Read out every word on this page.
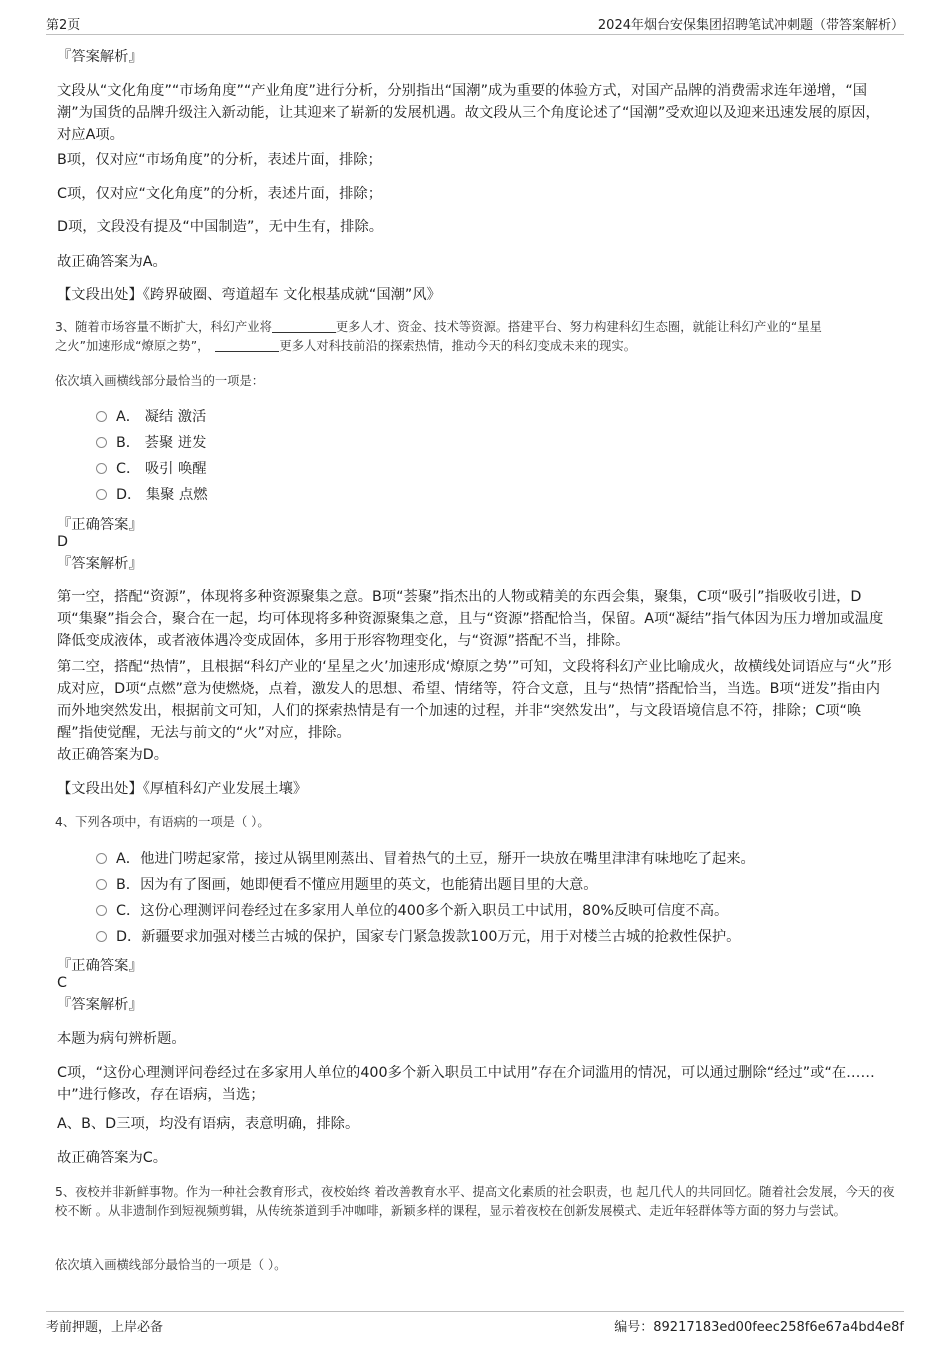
第2页	2024年烟台安保集团招聘笔试冲刺题（带答案解析）
『答案解析』
文段从“文化角度”“市场角度”“产业角度”进行分析，分别指出“国潮”成为重要的体验方式，对国产品牌的消费需求连年递增，“国潮”为国货的品牌升级注入新动能，让其迎来了崭新的发展机遇。故文段从三个角度论述了“国潮”受欢迎以及迎来迅速发展的原因，对应A项。
B项，仅对应“市场角度”的分析，表述片面，排除；
C项，仅对应“文化角度”的分析，表述片面，排除；
D项，文段没有提及“中国制造”，无中生有，排除。
故正确答案为A。
【文段出处】《跨界破圈、弯道超车 文化根基成就“国潮”风》
3、随着市场容量不断扩大，科幻产业将	更多人才、资金、技术等资源。搭建平台、努力构建科幻生态圈，就能让科幻产业的“星星
之火”加速形成“燎原之势”，	更多人对科技前沿的探索热情，推动今天的科幻变成未来的现实。
依次填入画横线部分最恰当的一项是：
A． 凝结 激活
B． 荟聚 迸发
C． 吸引 唤醒
D． 集聚 点燃
『正确答案』
D
『答案解析』
第一空，搭配“资源”，体现将多种资源聚集之意。B项“荟聚”指杰出的人物或精美的东西会集，聚集，C项“吸引”指吸收引进，D项“集聚”指会合，聚合在一起，均可体现将多种资源聚集之意，且与“资源”搭配恰当，保留。A项“凝结”指气体因为压力增加或温度降低变成液体，或者液体遇冷变成固体，多用于形容物理变化，与“资源”搭配不当，排除。
第二空，搭配“热情”，且根据“科幻产业的‘星星之火’加速形成‘燎原之势’”可知，文段将科幻产业比喻成火，故横线处词语应与“火”形成对应，D项“点燃”意为使燃烧，点着，激发人的思想、希望、情绪等，符合文意，且与“热情”搭配恰当，当选。B项“迸发”指由内而外地突然发出，根据前文可知，人们的探索热情是有一个加速的过程，并非“突然发出”，与文段语境信息不符，排除；C项“唤醒”指使觉醒，无法与前文的“火”对应，排除。
故正确答案为D。
【文段出处】《厚植科幻产业发展土壤》
4、下列各项中，有语病的一项是（ ）。
A．他进门唠起家常，接过从锅里刚蒸出、冒着热气的土豆，掰开一块放在嘴里津津有味地吃了起来。
B．因为有了图画，她即便看不懂应用题里的英文，也能猜出题目里的大意。
C．这份心理测评问卷经过在多家用人单位的400多个新入职员工中试用，80%反映可信度不高。
D．新疆要求加强对楼兰古城的保护，国家专门紧急拨款100万元，用于对楼兰古城的抢救性保护。
『正确答案』
C
『答案解析』
本题为病句辨析题。
C项，“这份心理测评问卷经过在多家用人单位的400多个新入职员工中试用”存在介词滥用的情况，可以通过删除“经过”或“在……中”进行修改，存在语病，当选；
A、B、D三项，均没有语病，表意明确，排除。
故正确答案为C。
5、夜校并非新鲜事物。作为一种社会教育形式，夜校始终 着改善教育水平、提高文化素质的社会职责，也 起几代人的共同回忆。随着社会发展，今天的夜校不断 。从非遗制作到短视频剪辑，从传统茶道到手冲咖啡，新颖多样的课程，显示着夜校在创新发展模式、走近年轻群体等方面的努力与尝试。
依次填入画横线部分最恰当的一项是（ ）。
考前押题，上岸必备	编号：89217183ed00feec258f6e67a4bd4e8f
